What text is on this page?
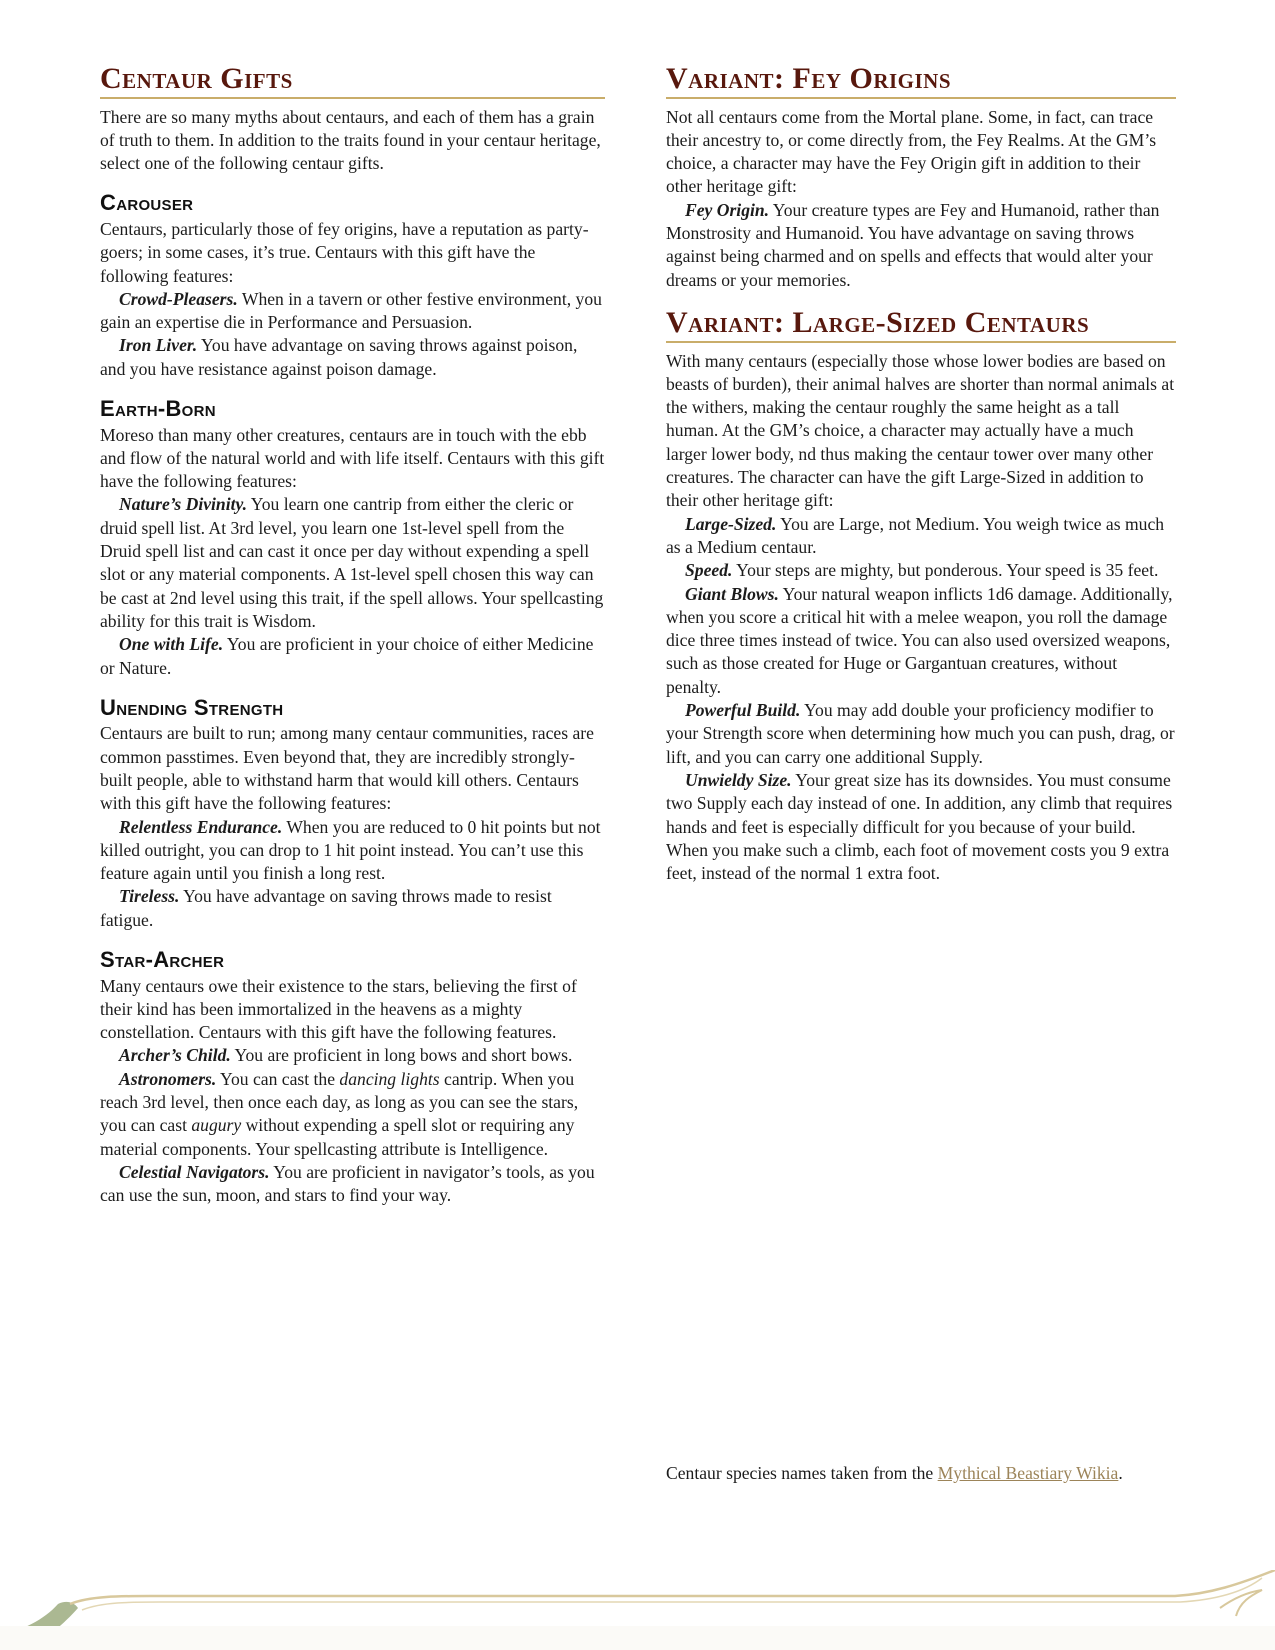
Centaur Gifts

There are so many myths about centaurs, and each of them has a grain of truth to them. In addition to the traits found in your centaur heritage, select one of the following centaur gifts.

Carouser

Centaurs, particularly those of fey origins, have a reputation as party-goers; in some cases, it’s true. Centaurs with this gift have the following features:

Crowd-Pleasers. When in a tavern or other festive environment, you gain an expertise die in Performance and Persuasion.

Iron Liver. You have advantage on saving throws against poison, and you have resistance against poison damage.

Earth-Born

Moreso than many other creatures, centaurs are in touch with the ebb and flow of the natural world and with life itself. Centaurs with this gift have the following features:

Nature’s Divinity. You learn one cantrip from either the cleric or druid spell list. At 3rd level, you learn one 1st-level spell from the Druid spell list and can cast it once per day without expending a spell slot or any material components. A 1st-level spell chosen this way can be cast at 2nd level using this trait, if the spell allows. Your spellcasting ability for this trait is Wisdom.

One with Life. You are proficient in your choice of either Medicine or Nature.

Unending Strength

Centaurs are built to run; among many centaur communities, races are common passtimes. Even beyond that, they are incredibly strongly-built people, able to withstand harm that would kill others. Centaurs with this gift have the following features:

Relentless Endurance. When you are reduced to 0 hit points but not killed outright, you can drop to 1 hit point instead. You can’t use this feature again until you finish a long rest.

Tireless. You have advantage on saving throws made to resist fatigue.

Star-Archer

Many centaurs owe their existence to the stars, believing the first of their kind has been immortalized in the heavens as a mighty constellation. Centaurs with this gift have the following features.

Archer’s Child. You are proficient in long bows and short bows.

Astronomers. You can cast the dancing lights cantrip. When you reach 3rd level, then once each day, as long as you can see the stars, you can cast augury without expending a spell slot or requiring any material components. Your spellcasting attribute is Intelligence.

Celestial Navigators. You are proficient in navigator’s tools, as you can use the sun, moon, and stars to find your way.

Variant: Fey Origins

Not all centaurs come from the Mortal plane. Some, in fact, can trace their ancestry to, or come directly from, the Fey Realms. At the GM’s choice, a character may have the Fey Origin gift in addition to their other heritage gift:

Fey Origin. Your creature types are Fey and Humanoid, rather than Monstrosity and Humanoid. You have advantage on saving throws against being charmed and on spells and effects that would alter your dreams or your memories.

Variant: Large-Sized Centaurs

With many centaurs (especially those whose lower bodies are based on beasts of burden), their animal halves are shorter than normal animals at the withers, making the centaur roughly the same height as a tall human. At the GM’s choice, a character may actually have a much larger lower body, nd thus making the centaur tower over many other creatures. The character can have the gift Large-Sized in addition to their other heritage gift:

Large-Sized. You are Large, not Medium. You weigh twice as much as a Medium centaur.

Speed. Your steps are mighty, but ponderous. Your speed is 35 feet.

Giant Blows. Your natural weapon inflicts 1d6 damage. Additionally, when you score a critical hit with a melee weapon, you roll the damage dice three times instead of twice. You can also used oversized weapons, such as those created for Huge or Gargantuan creatures, without penalty.

Powerful Build. You may add double your proficiency modifier to your Strength score when determining how much you can push, drag, or lift, and you can carry one additional Supply.

Unwieldy Size. Your great size has its downsides. You must consume two Supply each day instead of one. In addition, any climb that requires hands and feet is especially difficult for you because of your build. When you make such a climb, each foot of movement costs you 9 extra feet, instead of the normal 1 extra foot.

Centaur species names taken from the Mythical Beastiary Wikia.
